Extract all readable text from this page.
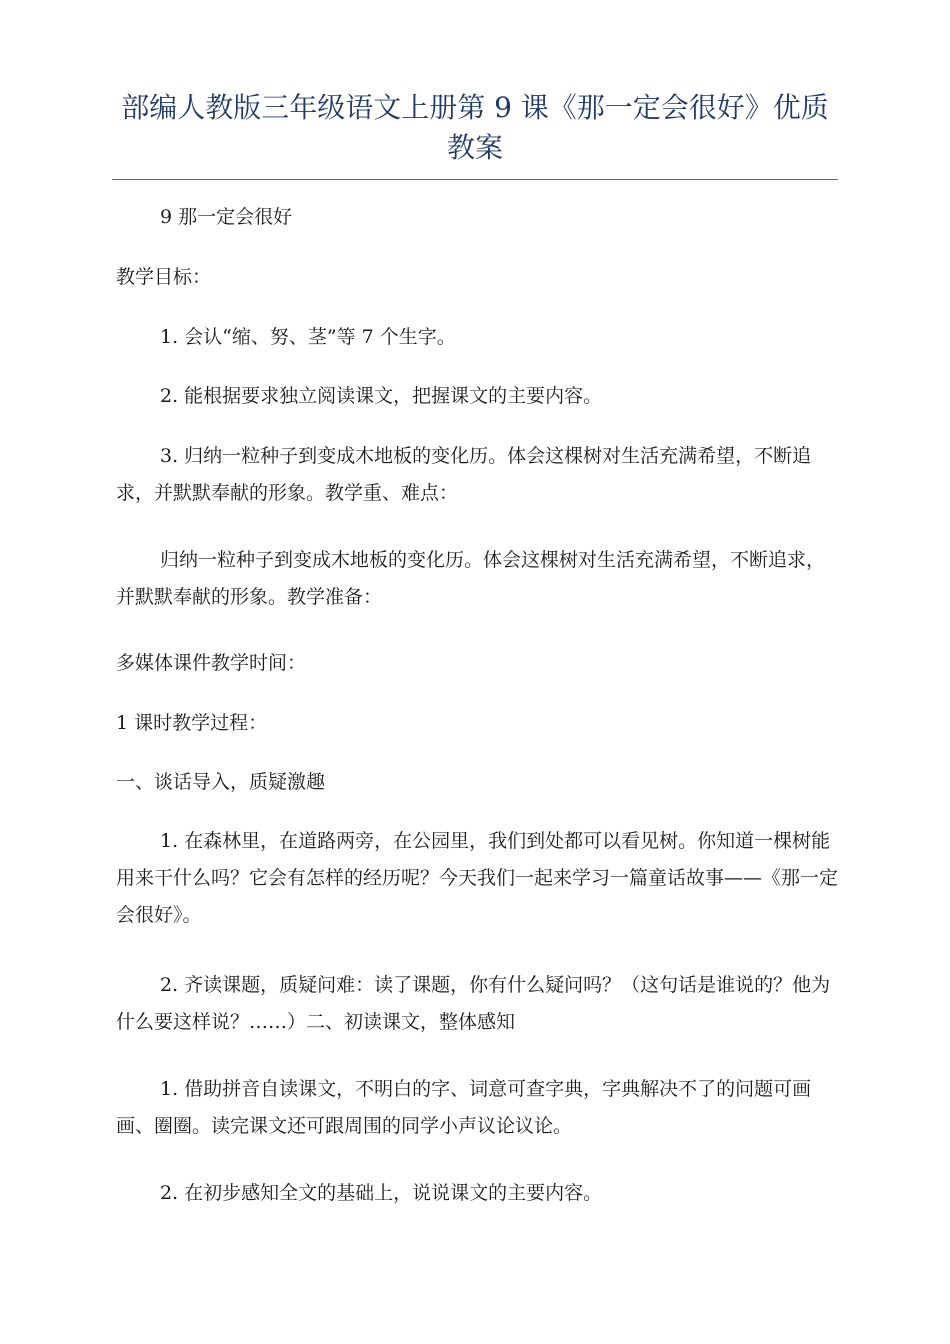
部编人教版三年级语文上册第 9 课《那一定会很好》优质教案

9 那一定会很好

教学目标：

1. 会认“缩、努、茎”等 7 个生字。

2. 能根据要求独立阅读课文，把握课文的主要内容。

3. 归纳一粒种子到变成木地板的变化历。体会这棵树对生活充满希望，不断追求，并默默奉献的形象。教学重、难点：

归纳一粒种子到变成木地板的变化历。体会这棵树对生活充满希望，不断追求，并默默奉献的形象。教学准备：

多媒体课件教学时间：

1 课时教学过程：

一、谈话导入，质疑激趣

1. 在森林里，在道路两旁，在公园里，我们到处都可以看见树。你知道一棵树能用来干什么吗？它会有怎样的经历呢？今天我们一起来学习一篇童话故事——《那一定会很好》。

2. 齐读课题，质疑问难：读了课题，你有什么疑问吗？（这句话是谁说的？他为什么要这样说？……）二、初读课文，整体感知

1. 借助拼音自读课文，不明白的字、词意可查字典，字典解决不了的问题可画画、圈圈。读完课文还可跟周围的同学小声议论议论。

2. 在初步感知全文的基础上，说说课文的主要内容。
